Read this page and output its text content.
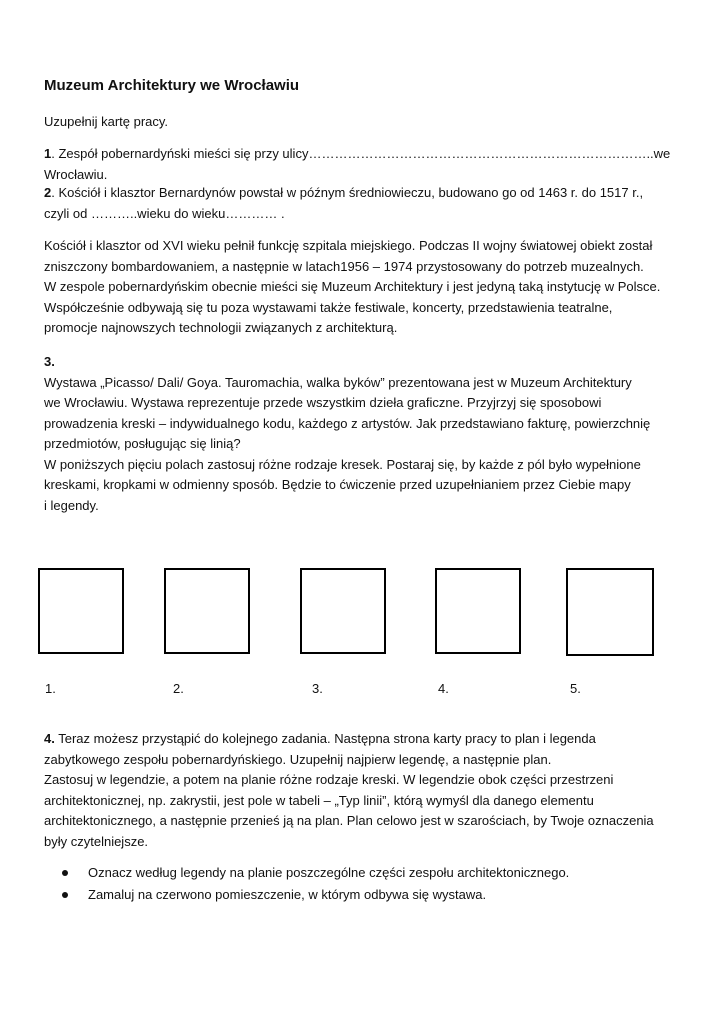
Muzeum Architektury we Wrocławiu

Uzupełnij kartę pracy.

1. Zespół pobernardyński mieści się przy ulicy……………………………………………………………………..we Wrocławiu.

2. Kościół i klasztor Bernardynów powstał w późnym średniowieczu, budowano go od 1463 r. do 1517 r.,
czyli od ………..wieku do wieku………… .

Kościół i klasztor od XVI wieku pełnił funkcję szpitala miejskiego. Podczas II wojny światowej obiekt został
zniszczony bombardowaniem, a następnie w latach1956 – 1974 przystosowany do potrzeb muzealnych.
W zespole pobernardyńskim obecnie mieści się Muzeum Architektury i jest jedyną taką instytucję w Polsce.
Współcześnie odbywają się tu poza wystawami także festiwale, koncerty, przedstawienia teatralne,
promocje najnowszych technologii związanych z architekturą.

3.
Wystawa „Picasso/ Dali/ Goya. Tauromachia, walka byków” prezentowana jest w Muzeum Architektury
we Wrocławiu. Wystawa reprezentuje przede wszystkim dzieła graficzne. Przyjrzyj się sposobowi
prowadzenia kreski – indywidualnego kodu, każdego z artystów. Jak przedstawiano fakturę, powierzchnię
przedmiotów, posługując się linią?
W poniższych pięciu polach zastosuj różne rodzaje kresek. Postaraj się, by każde z pól było wypełnione
kreskami, kropkami w odmienny sposób. Będzie to ćwiczenie przed uzupełnianiem przez Ciebie mapy
i legendy.

1.	2.	3.	4.	5.

4. Teraz możesz przystąpić do kolejnego zadania. Następna strona karty pracy to plan i legenda
zabytkowego zespołu pobernardyńskiego. Uzupełnij najpierw legendę, a następnie plan.
Zastosuj w legendzie, a potem na planie różne rodzaje kreski. W legendzie obok części przestrzeni
architektonicznej, np. zakrystii, jest pole w tabeli – „Typ linii”, którą wymyśl dla danego elementu
architektonicznego, a następnie przenieś ją na plan. Plan celowo jest w szarościach, by Twoje oznaczenia
były czytelniejsze.

Oznacz według legendy na planie poszczególne części zespołu architektonicznego.
Zamaluj na czerwono pomieszczenie, w którym odbywa się wystawa.
